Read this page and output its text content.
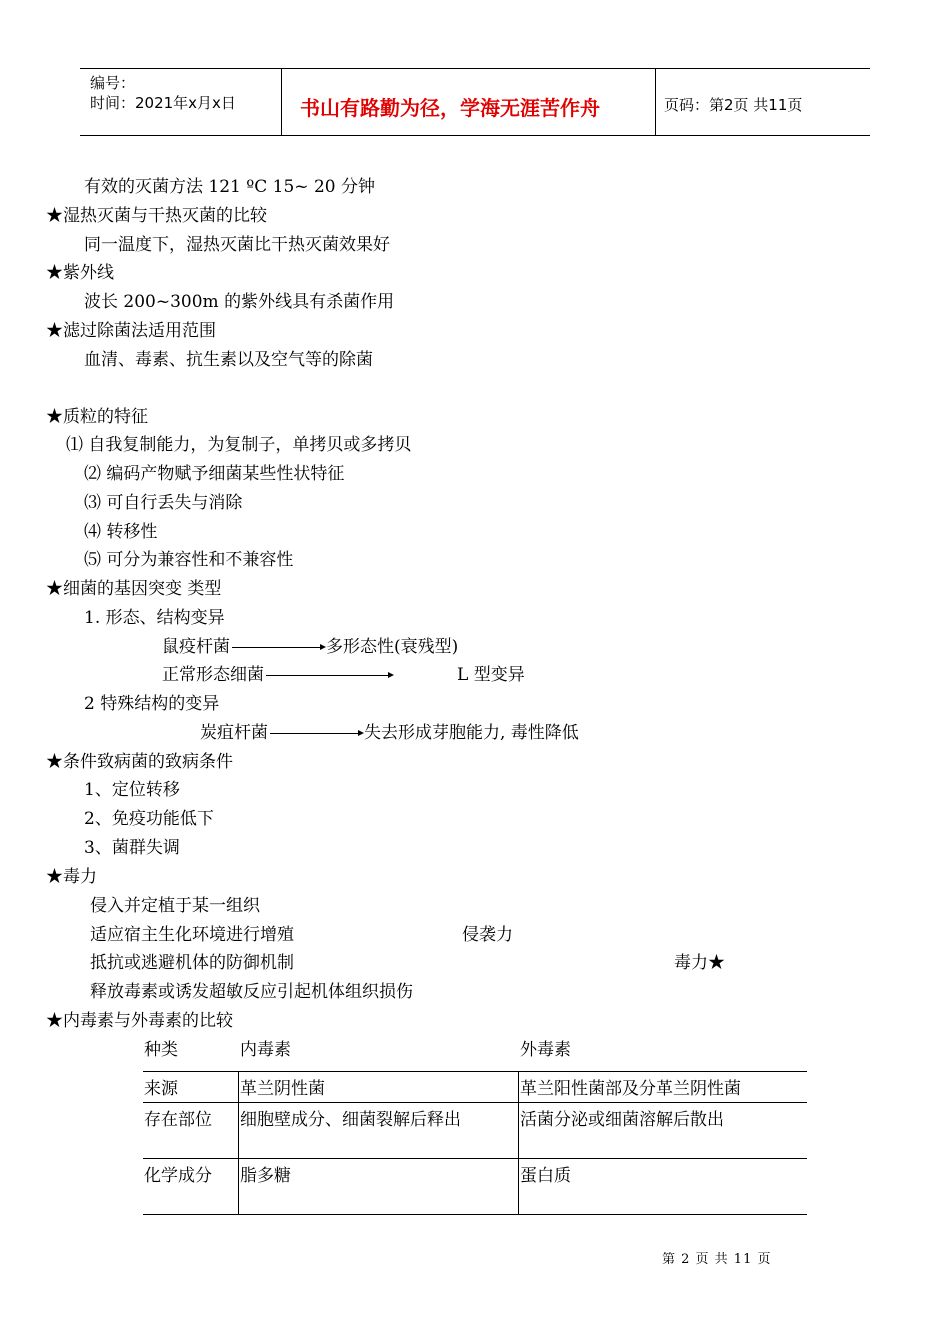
编号：
时间：2021年x月x日	书山有路勤为径，学海无涯苦作舟	页码：第2页 共11页
有效的灭菌方法 121 ºC 15~ 20 分钟
★湿热灭菌与干热灭菌的比较
同一温度下，湿热灭菌比干热灭菌效果好
★紫外线
波长 200~300m 的紫外线具有杀菌作用
★滤过除菌法适用范围
血清、毒素、抗生素以及空气等的除菌
★质粒的特征
⑴ 自我复制能力，为复制子，单拷贝或多拷贝
⑵ 编码产物赋予细菌某些性状特征
⑶ 可自行丢失与消除
⑷ 转移性
⑸ 可分为兼容性和不兼容性
★细菌的基因突变 类型
1. 形态、结构变异
鼠疫杆菌	多形态性(衰残型)
正常形态细菌	L 型变异
2 特殊结构的变异
炭疽杆菌	失去形成芽胞能力, 毒性降低
★条件致病菌的致病条件
1、定位转移
2、免疫功能低下
3、菌群失调
★毒力
侵入并定植于某一组织
适应宿主生化环境进行增殖	侵袭力
抵抗或逃避机体的防御机制	毒力★
释放毒素或诱发超敏反应引起机体组织损伤
★内毒素与外毒素的比较
种类	内毒素	外毒素
来源	革兰阴性菌	革兰阳性菌部及分革兰阴性菌
存在部位 细胞壁成分、细菌裂解后释出	活菌分泌或细菌溶解后散出
化学成分 脂多糖	蛋白质
第 2 页 共 11 页
